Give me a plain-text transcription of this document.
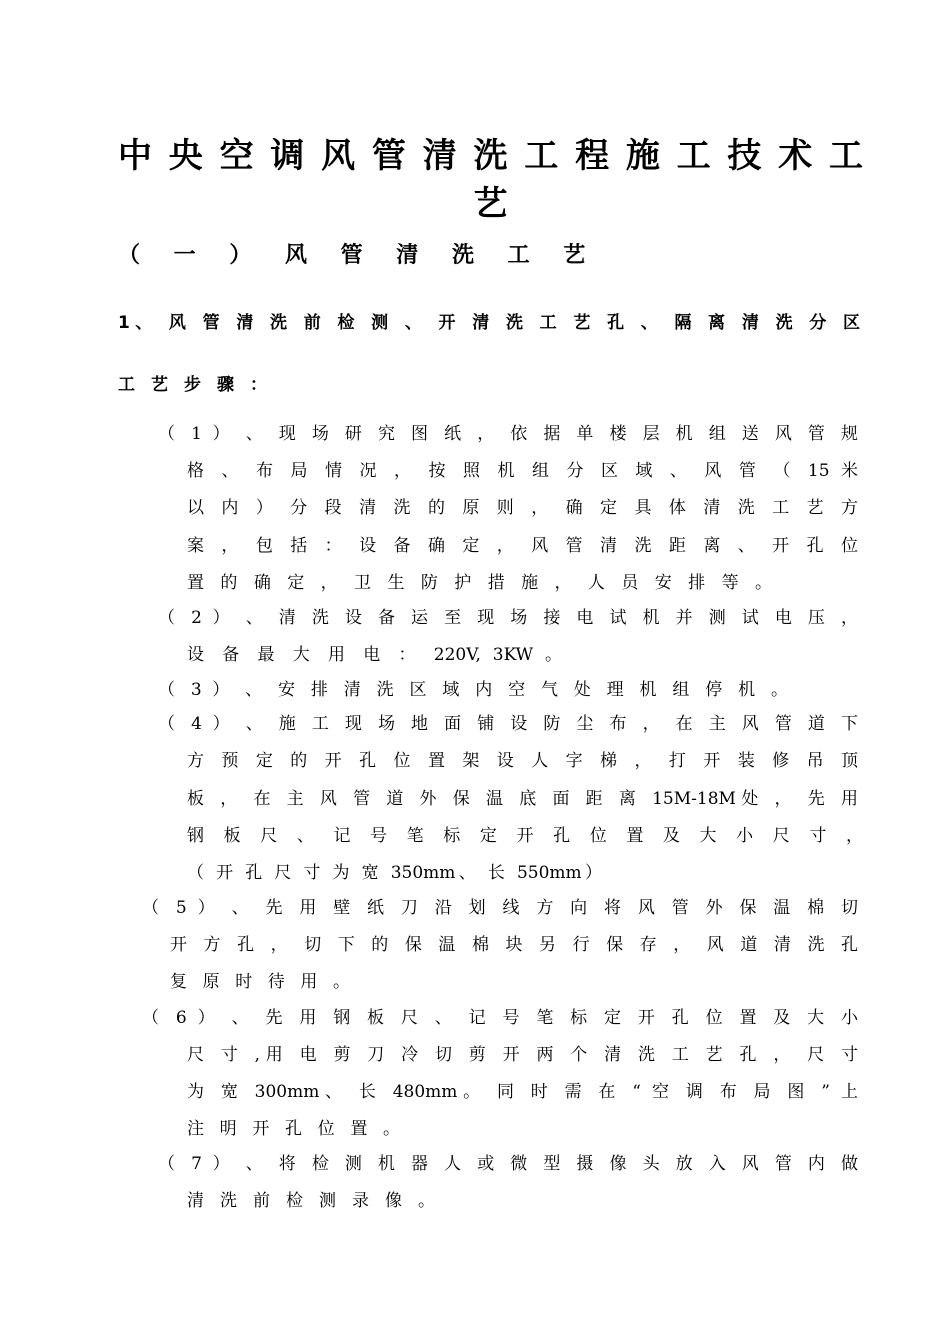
中 央 空 调 风 管 清 洗 工 程 施 工 技 术 工
艺
（ 一 ） 风 管 清 洗 工 艺
1、 风 管 清 洗 前 检 测 、 开 清 洗 工 艺 孔 、 隔 离 清 洗 分 区
工艺步骤：
（ 1 ） 、 现 场 研 究 图 纸 ， 依 据 单 楼 层 机 组 送 风 管 规
格 、 布 局 情 况 ， 按 照 机 组 分 区 域 、 风 管 （ 15 米
以 内 ） 分 段 清 洗 的 原 则 ， 确 定 具 体 清 洗 工 艺 方
案 ， 包 括 ： 设 备 确 定 ， 风 管 清 洗 距 离 、 开 孔 位
置 的 确 定 ， 卫 生 防 护 措 施 ， 人 员 安 排 等 。
（ 2 ） 、 清 洗 设 备 运 至 现 场 接 电 试 机 并 测 试 电 压 ，
设 备 最 大 用 电 ： 220V, 3KW 。
（ 3 ） 、 安 排 清 洗 区 域 内 空 气 处 理 机 组 停 机 。
（ 4 ） 、 施 工 现 场 地 面 铺 设 防 尘 布 ， 在 主 风 管 道 下
方 预 定 的 开 孔 位 置 架 设 人 字 梯 ， 打 开 装 修 吊 顶
板 ， 在 主 风 管 道 外 保 温 底 面 距 离 15M-18M处 ， 先 用
钢 板 尺 、 记 号 笔 标 定 开 孔 位 置 及 大 小 尺 寸 ，
（ 开 孔 尺 寸 为 宽 350mm、 长 550mm）
（ 5 ） 、 先 用 壁 纸 刀 沿 划 线 方 向 将 风 管 外 保 温 棉 切
开 方 孔 ， 切 下 的 保 温 棉 块 另 行 保 存 ， 风 道 清 洗 孔
复 原 时 待 用 。
（ 6 ） 、 先 用 钢 板 尺 、 记 号 笔 标 定 开 孔 位 置 及 大 小
尺 寸 ,用 电 剪 刀 冷 切 剪 开 两 个 清 洗 工 艺 孔 ， 尺 寸
为 宽 300mm、 长 480mm。 同 时 需 在 “ 空 调 布 局 图 ” 上
注 明 开 孔 位 置 。
（ 7 ） 、 将 检 测 机 器 人 或 微 型 摄 像 头 放 入 风 管 内 做
清 洗 前 检 测 录 像 。
